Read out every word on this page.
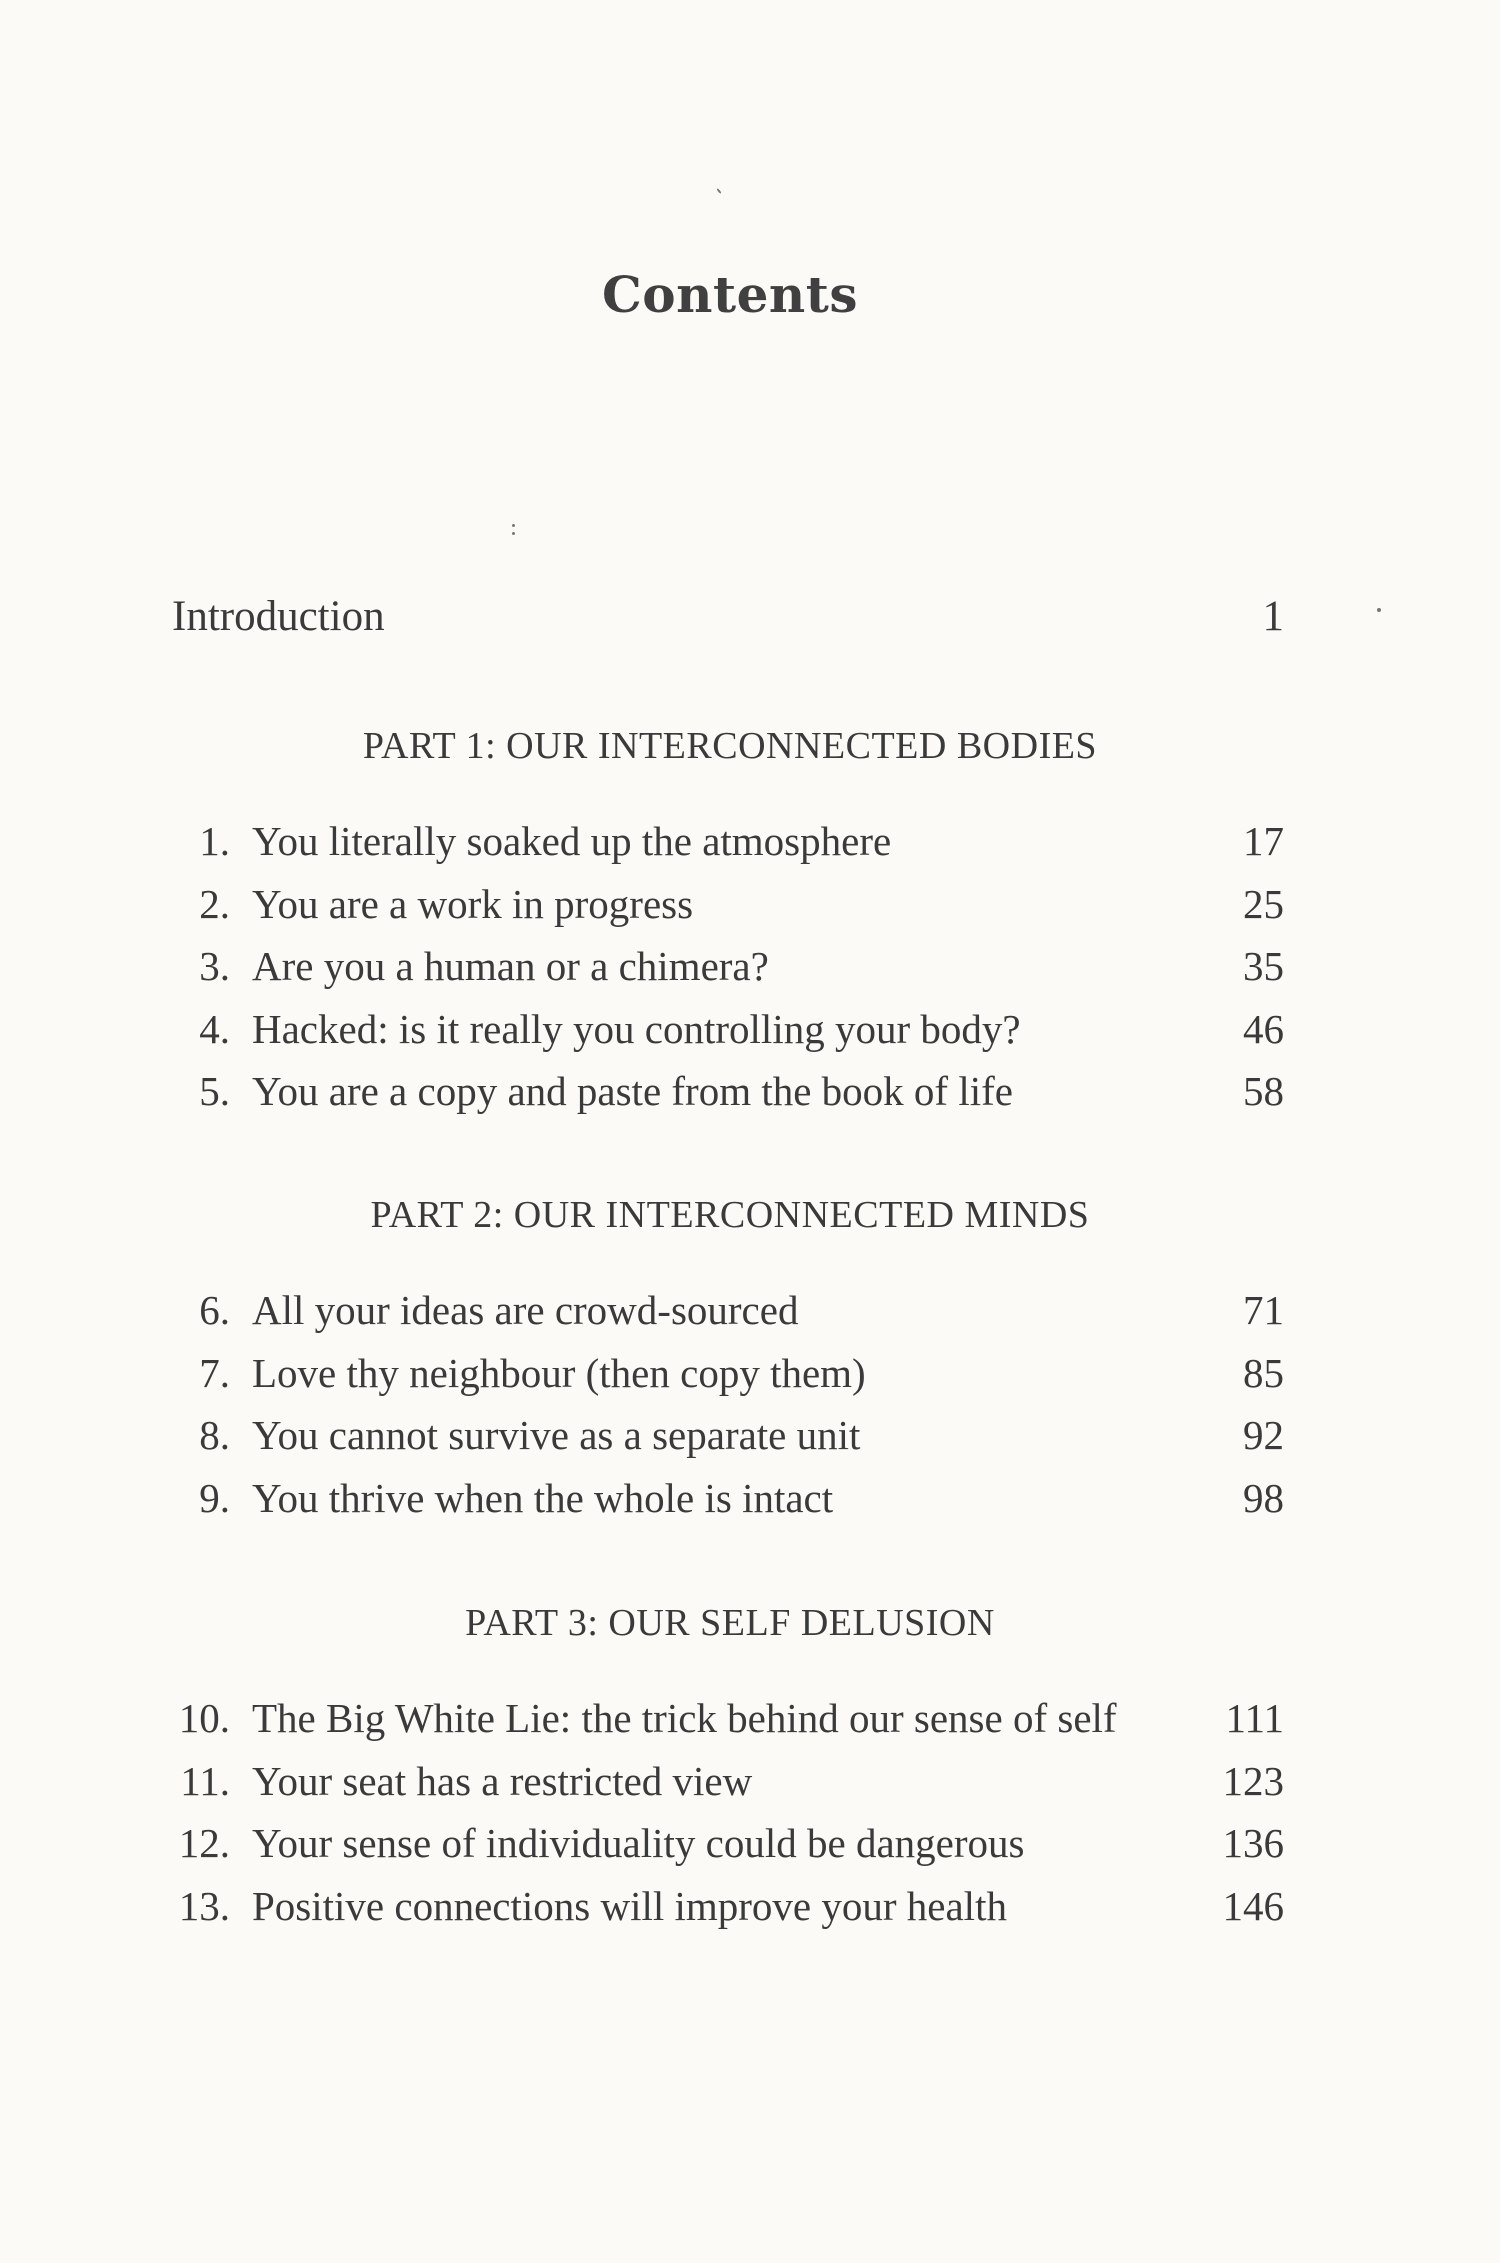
Contents
Introduction	1
PART 1: OUR INTERCONNECTED BODIES
1. You literally soaked up the atmosphere	17
2. You are a work in progress	25
3. Are you a human or a chimera?	35
4. Hacked: is it really you controlling your body?	46
5. You are a copy and paste from the book of life	58
PART 2: OUR INTERCONNECTED MINDS
6. All your ideas are crowd-sourced	71
7. Love thy neighbour (then copy them)	85
8. You cannot survive as a separate unit	92
9. You thrive when the whole is intact	98
PART 3: OUR SELF DELUSION
10. The Big White Lie: the trick behind our sense of self	111
11. Your seat has a restricted view	123
12. Your sense of individuality could be dangerous	136
13. Positive connections will improve your health	146
